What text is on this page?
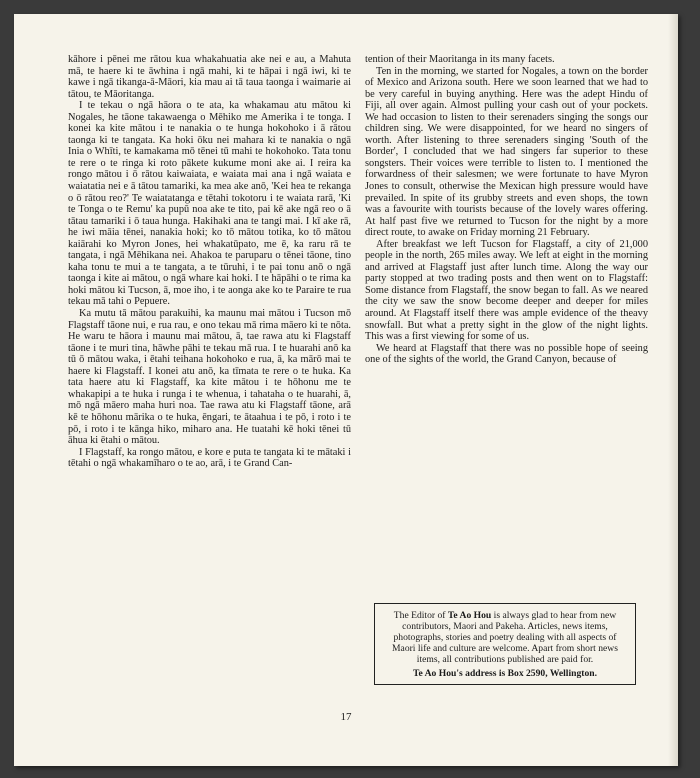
kāhore i pēnei me rātou kua whakahuatia ake nei e au, a Mahuta mā, te haere ki te āwhina i ngā mahi, ki te hāpai i ngā iwi, ki te kawe i ngā tikanga-ā-Māori, kia mau ai tā taua taonga i waimarie ai tātou, te Māoritanga.

I te tekau o ngā hāora o te ata, ka whakamau atu mātou ki Nogales, he tāone takawaenga o Mēhiko me Amerika i te tonga. I konei ka kite mātou i te nanakia o te hunga hokohoko i ā rātou taonga ki te tangata. Ka hoki ōku nei mahara ki te nanakia o ngā Inia o Whīti, te kamakama mō tēnei tū mahi te hokohoko. Tata tonu te rere o te ringa ki roto pākete kukume moni ake ai. I reira ka rongo mātou i ō rātou kaiwaiata, e waiata mai ana i ngā waiata e waiatatia nei e ā tātou tamariki, ka mea ake anō, 'Kei hea te rekanga o ō rātou reo?' Te waiatatanga e tētahi tokotoru i te waiata rarā, 'Ki te Tonga o te Remu' ka pupū noa ake te tito, pai kē ake ngā reo o ā tātau tamariki i ō taua hunga. Hakihaki ana te tangi mai. I kī ake rā, he iwi māia tēnei, nanakia hoki; ko tō mātou totika, ko tō mātou kaiārahi ko Myron Jones, hei whakatūpato, me ē, ka raru rā te tangata, i ngā Mēhikana nei. Ahakoa te paruparu o tēnei tāone, tino kaha tonu te mui a te tangata, a te tūruhi, i te pai tonu anō o ngā taonga i kite ai mātou, o ngā whare kai hoki. I te hāpāhi o te rima ka hoki mātou ki Tucson, ā, moe iho, i te aonga ake ko te Paraire te rua tekau mā tahi o Pepuere.

Ka mutu tā mātou parakuihi, ka maunu mai mātou i Tucson mō Flagstaff tāone nui, e rua rau, e ono tekau mā rima māero ki te nōta. He waru te hāora i maunu mai mātou, ā, tae rawa atu ki Flagstaff tāone i te muri tina, hāwhe pāhi te tekau mā rua. I te huarahi anō ka tū ō mātou waka, i ētahi teihana hokohoko e rua, ā, ka mārō mai te haere ki Flagstaff. I konei atu anō, ka tīmata te rere o te huka. Ka tata haere atu ki Flagstaff, ka kite mātou i te hōhonu me te whakapipi a te huka i runga i te whenua, i tahataha o te huarahi, ā, mō ngā māero maha huri noa. Tae rawa atu ki Flagstaff tāone, arā kē te hōhonu mārika o te huka, ēngari, te ātaahua i te pō, i roto i te pō, i roto i te kānga hiko, miharo ana. He tuatahi kē hoki tēnei tū āhua ki ētahi o mātou.

I Flagstaff, ka rongo mātou, e kore e puta te tangata ki te mātaki i tētahi o ngā whakamīharo o te ao, arā, i te Grand Can-

tention of their Maoritanga in its many facets.

Ten in the morning, we started for Nogales, a town on the border of Mexico and Arizona south. Here we soon learned that we had to be very careful in buying anything. Here was the adept Hindu of Fiji, all over again. Almost pulling your cash out of your pockets. We had occasion to listen to their serenaders singing the songs our children sing. We were disappointed, for we heard no singers of worth. After listening to three serenaders singing 'South of the Border', I concluded that we had singers far superior to these songsters. Their voices were terrible to listen to. I mentioned the forwardness of their salesmen; we were fortunate to have Myron Jones to consult, otherwise the Mexican high pressure would have prevailed. In spite of its grubby streets and even shops, the town was a favourite with tourists because of the lovely wares offering. At half past five we returned to Tucson for the night by a more direct route, to awake on Friday morning 21 February.

After breakfast we left Tucson for Flagstaff, a city of 21,000 people in the north, 265 miles away. We left at eight in the morning and arrived at Flagstaff just after lunch time. Along the way our party stopped at two trading posts and then went on to Flagstaff: Some distance from Flagstaff, the snow began to fall. As we neared the city we saw the snow become deeper and deeper for miles around. At Flagstaff itself there was ample evidence of the theavy snowfall. But what a pretty sight in the glow of the night lights. This was a first viewing for some of us.

We heard at Flagstaff that there was no possible hope of seeing one of the sights of the world, the Grand Canyon, because of

The Editor of Te Ao Hou is always glad to hear from new contributors, Maori and Pakeha. Articles, news items, photographs, stories and poetry dealing with all aspects of Maori life and culture are welcome. Apart from short news items, all contributions published are paid for.

Te Ao Hou's address is Box 2590, Wellington.
17
